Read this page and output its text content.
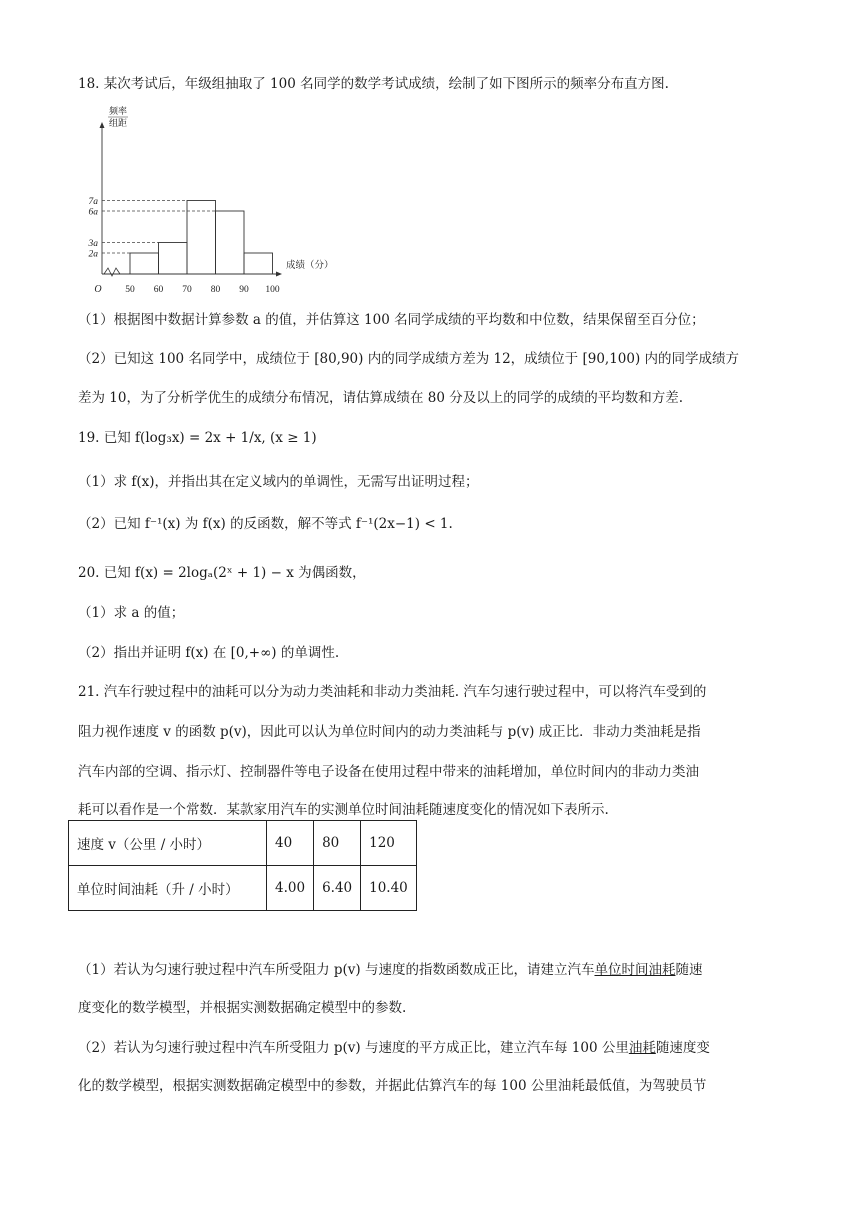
18. 某次考试后，年级组抽取了 100 名同学的数学考试成绩，绘制了如下图所示的频率分布直方图.
2a
3a
6a
7a
50 60 70 80 90 100
O
频率
组距
成绩（分）
（1）根据图中数据计算参数 a 的值，并估算这 100 名同学成绩的平均数和中位数，结果保留至百分位；
（2）已知这 100 名同学中，成绩位于 [80,90) 内的同学成绩方差为 12，成绩位于 [90,100) 内的同学成绩方
差为 10，为了分析学优生的成绩分布情况，请估算成绩在 80 分及以上的同学的成绩的平均数和方差.
19. 已知 f(log₃x) = 2x + 1/x, (x ≥ 1)
（1）求 f(x)，并指出其在定义域内的单调性，无需写出证明过程；
（2）已知 f⁻¹(x) 为 f(x) 的反函数，解不等式 f⁻¹(2x−1) < 1.
20. 已知 f(x) = 2logₐ(2ˣ + 1) − x 为偶函数，
（1）求 a 的值；
（2）指出并证明 f(x) 在 [0,+∞) 的单调性.
21. 汽车行驶过程中的油耗可以分为动力类油耗和非动力类油耗. 汽车匀速行驶过程中，可以将汽车受到的
阻力视作速度 v 的函数 p(v)，因此可以认为单位时间内的动力类油耗与 p(v) 成正比．非动力类油耗是指
汽车内部的空调、指示灯、控制器件等电子设备在使用过程中带来的油耗增加，单位时间内的非动力类油
耗可以看作是一个常数．某款家用汽车的实测单位时间油耗随速度变化的情况如下表所示.
速度 v（公里 / 小时）	40	80	120
单位时间油耗（升 / 小时）	4.00	6.40	10.40
（1）若认为匀速行驶过程中汽车所受阻力 p(v) 与速度的指数函数成正比，请建立汽车单位时间油耗随速
度变化的数学模型，并根据实测数据确定模型中的参数.
（2）若认为匀速行驶过程中汽车所受阻力 p(v) 与速度的平方成正比，建立汽车每 100 公里油耗随速度变
化的数学模型，根据实测数据确定模型中的参数，并据此估算汽车的每 100 公里油耗最低值，为驾驶员节
